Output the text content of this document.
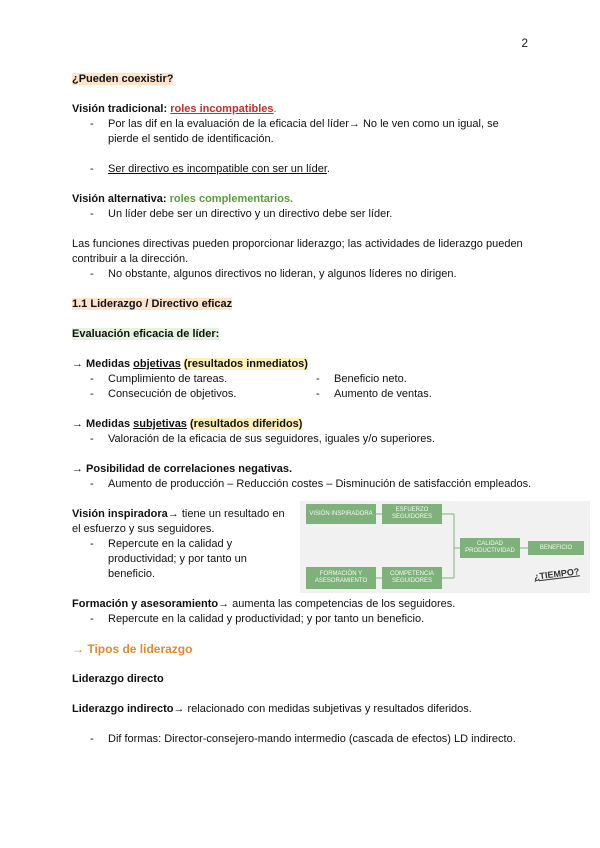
2

¿Pueden coexistir?

Visión tradicional: roles incompatibles.

- Por las dif en la evaluación de la eficacia del líder→ No le ven como un igual, se pierde el sentido de identificación.
- Ser directivo es incompatible con ser un líder.

Visión alternativa: roles complementarios.

- Un líder debe ser un directivo y un directivo debe ser líder.

Las funciones directivas pueden proporcionar liderazgo; las actividades de liderazgo pueden contribuir a la dirección.

- No obstante, algunos directivos no lideran, y algunos líderes no dirigen.

1.1 Liderazgo / Directivo eficaz

Evaluación eficacia de líder:

→ Medidas objetivas (resultados inmediatos)

- Cumplimiento de tareas.
- Consecución de objetivos.
- Beneficio neto.
- Aumento de ventas.

→ Medidas subjetivas (resultados diferidos)

- Valoración de la eficacia de sus seguidores, iguales y/o superiores.

→ Posibilidad de correlaciones negativas.

- Aumento de producción – Reducción costes – Disminución de satisfacción empleados.

Visión inspiradora→ tiene un resultado en el esfuerzo y sus seguidores.

- Repercute en la calidad y productividad; y por tanto un beneficio.
VISIÓN INSPIRADORA
ESFUERZO SEGUIDORES
FORMACIÓN Y ASESORAMIENTO
COMPETENCIA SEGUIDORES
CALIDAD PRODUCTIVIDAD
BENEFICIO
¿TIEMPO?

Formación y asesoramiento→ aumenta las competencias de los seguidores.

- Repercute en la calidad y productividad; y por tanto un beneficio.

→ Tipos de liderazgo

Liderazgo directo

Liderazgo indirecto→ relacionado con medidas subjetivas y resultados diferidos.

- Dif formas: Director-consejero-mando intermedio (cascada de efectos) LD indirecto.
